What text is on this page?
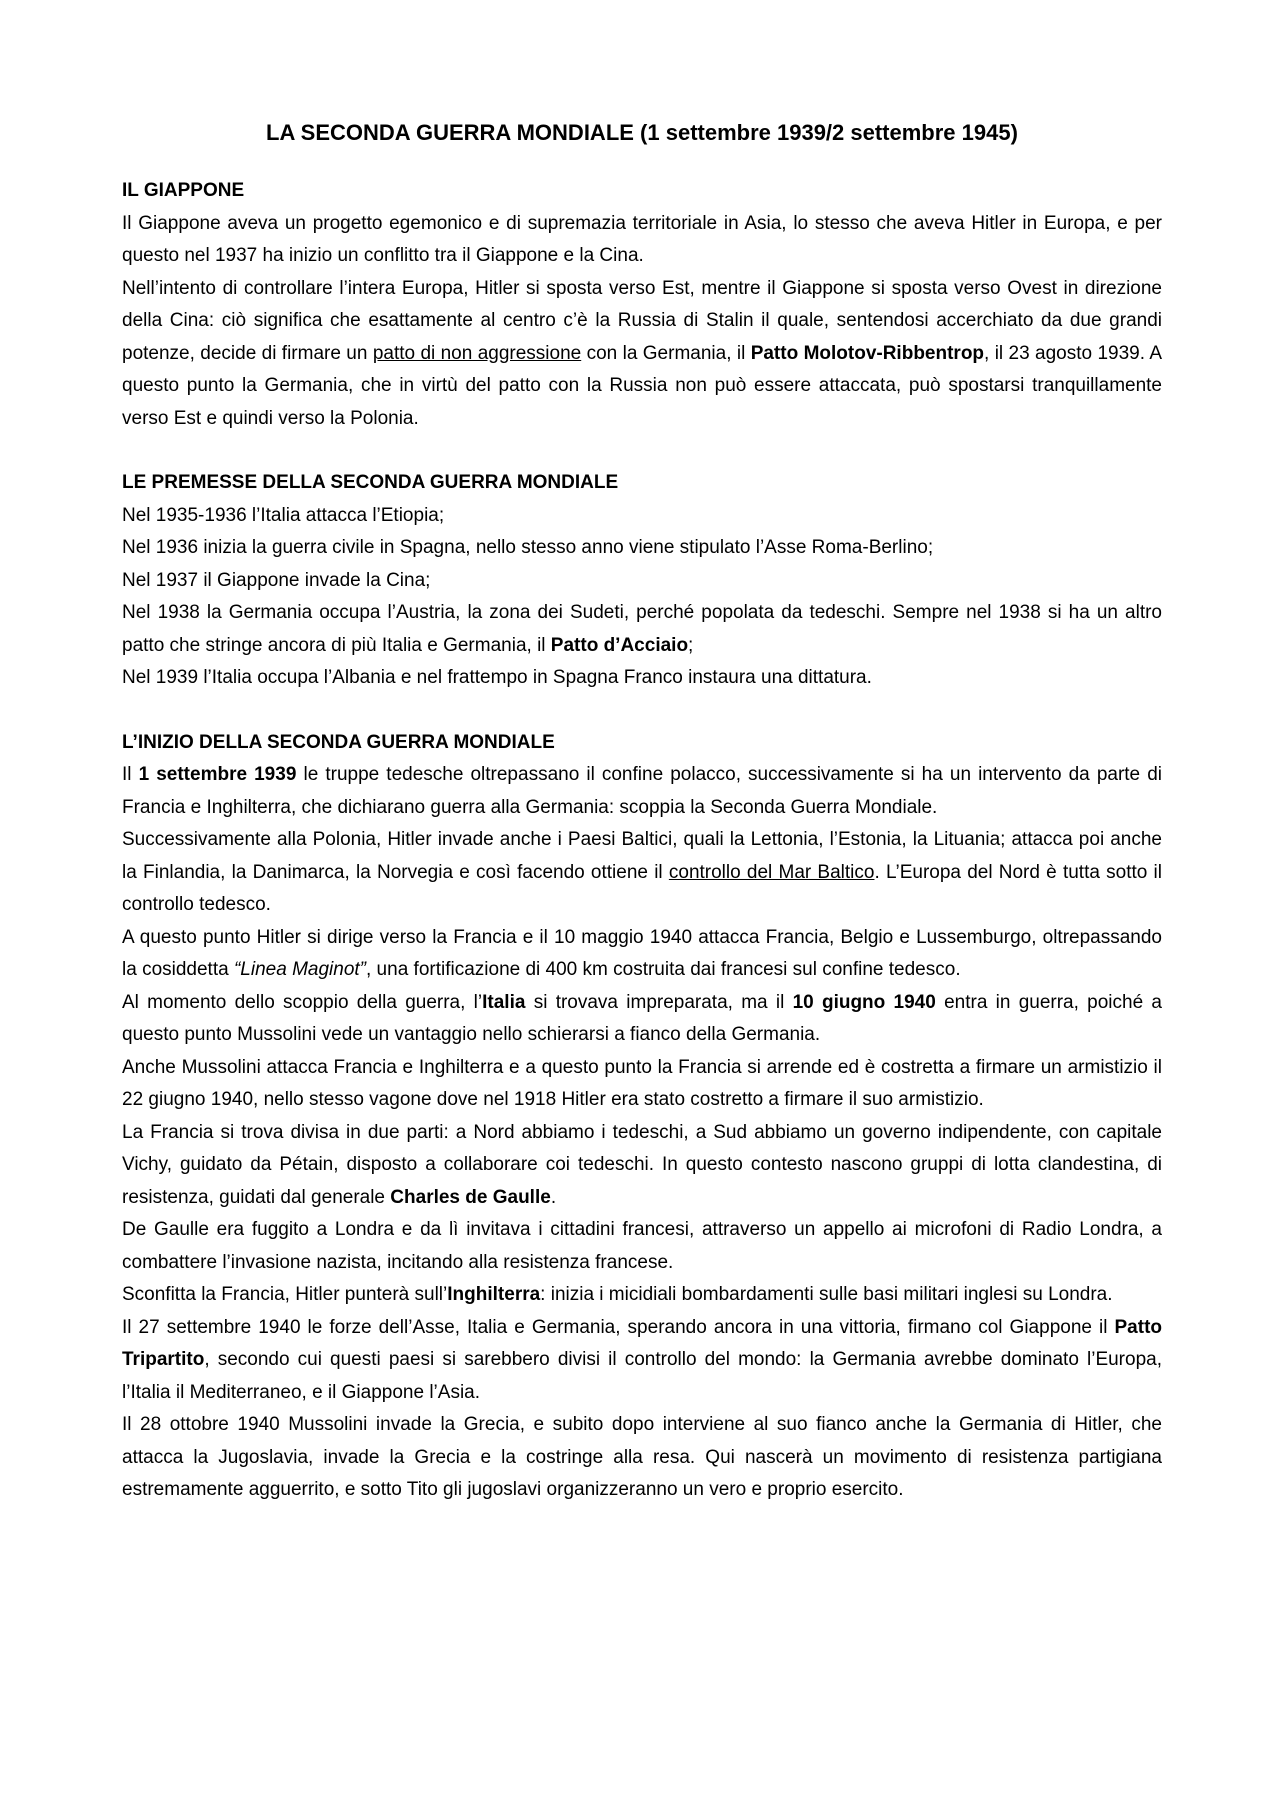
LA SECONDA GUERRA MONDIALE (1 settembre 1939/2 settembre 1945)
IL GIAPPONE

Il Giappone aveva un progetto egemonico e di supremazia territoriale in Asia, lo stesso che aveva Hitler in Europa, e per questo nel 1937 ha inizio un conflitto tra il Giappone e la Cina.

Nell’intento di controllare l’intera Europa, Hitler si sposta verso Est, mentre il Giappone si sposta verso Ovest in direzione della Cina: ciò significa che esattamente al centro c’è la Russia di Stalin il quale, sentendosi accerchiato da due grandi potenze, decide di firmare un patto di non aggressione con la Germania, il Patto Molotov-Ribbentrop, il 23 agosto 1939. A questo punto la Germania, che in virtù del patto con la Russia non può essere attaccata, può spostarsi tranquillamente verso Est e quindi verso la Polonia.

LE PREMESSE DELLA SECONDA GUERRA MONDIALE

Nel 1935-1936 l’Italia attacca l’Etiopia;

Nel 1936 inizia la guerra civile in Spagna, nello stesso anno viene stipulato l’Asse Roma-Berlino;

Nel 1937 il Giappone invade la Cina;

Nel 1938 la Germania occupa l’Austria, la zona dei Sudeti, perché popolata da tedeschi. Sempre nel 1938 si ha un altro patto che stringe ancora di più Italia e Germania, il Patto d’Acciaio;

Nel 1939 l’Italia occupa l’Albania e nel frattempo in Spagna Franco instaura una dittatura.

L’INIZIO DELLA SECONDA GUERRA MONDIALE

Il 1 settembre 1939 le truppe tedesche oltrepassano il confine polacco, successivamente si ha un intervento da parte di Francia e Inghilterra, che dichiarano guerra alla Germania: scoppia la Seconda Guerra Mondiale.

Successivamente alla Polonia, Hitler invade anche i Paesi Baltici, quali la Lettonia, l’Estonia, la Lituania; attacca poi anche la Finlandia, la Danimarca, la Norvegia e così facendo ottiene il controllo del Mar Baltico. L’Europa del Nord è tutta sotto il controllo tedesco.

A questo punto Hitler si dirige verso la Francia e il 10 maggio 1940 attacca Francia, Belgio e Lussemburgo, oltrepassando la cosiddetta “Linea Maginot”, una fortificazione di 400 km costruita dai francesi sul confine tedesco.

Al momento dello scoppio della guerra, l’Italia si trovava impreparata, ma il 10 giugno 1940 entra in guerra, poiché a questo punto Mussolini vede un vantaggio nello schierarsi a fianco della Germania.

Anche Mussolini attacca Francia e Inghilterra e a questo punto la Francia si arrende ed è costretta a firmare un armistizio il 22 giugno 1940, nello stesso vagone dove nel 1918 Hitler era stato costretto a firmare il suo armistizio.

La Francia si trova divisa in due parti: a Nord abbiamo i tedeschi, a Sud abbiamo un governo indipendente, con capitale Vichy, guidato da Pétain, disposto a collaborare coi tedeschi. In questo contesto nascono gruppi di lotta clandestina, di resistenza, guidati dal generale Charles de Gaulle.

De Gaulle era fuggito a Londra e da lì invitava i cittadini francesi, attraverso un appello ai microfoni di Radio Londra, a combattere l’invasione nazista, incitando alla resistenza francese.

Sconfitta la Francia, Hitler punterà sull’Inghilterra: inizia i micidiali bombardamenti sulle basi militari inglesi su Londra.

Il 27 settembre 1940 le forze dell’Asse, Italia e Germania, sperando ancora in una vittoria, firmano col Giappone il Patto Tripartito, secondo cui questi paesi si sarebbero divisi il controllo del mondo: la Germania avrebbe dominato l’Europa, l’Italia il Mediterraneo, e il Giappone l’Asia.

Il 28 ottobre 1940 Mussolini invade la Grecia, e subito dopo interviene al suo fianco anche la Germania di Hitler, che attacca la Jugoslavia, invade la Grecia e la costringe alla resa. Qui nascerà un movimento di resistenza partigiana estremamente agguerrito, e sotto Tito gli jugoslavi organizzeranno un vero e proprio esercito.
